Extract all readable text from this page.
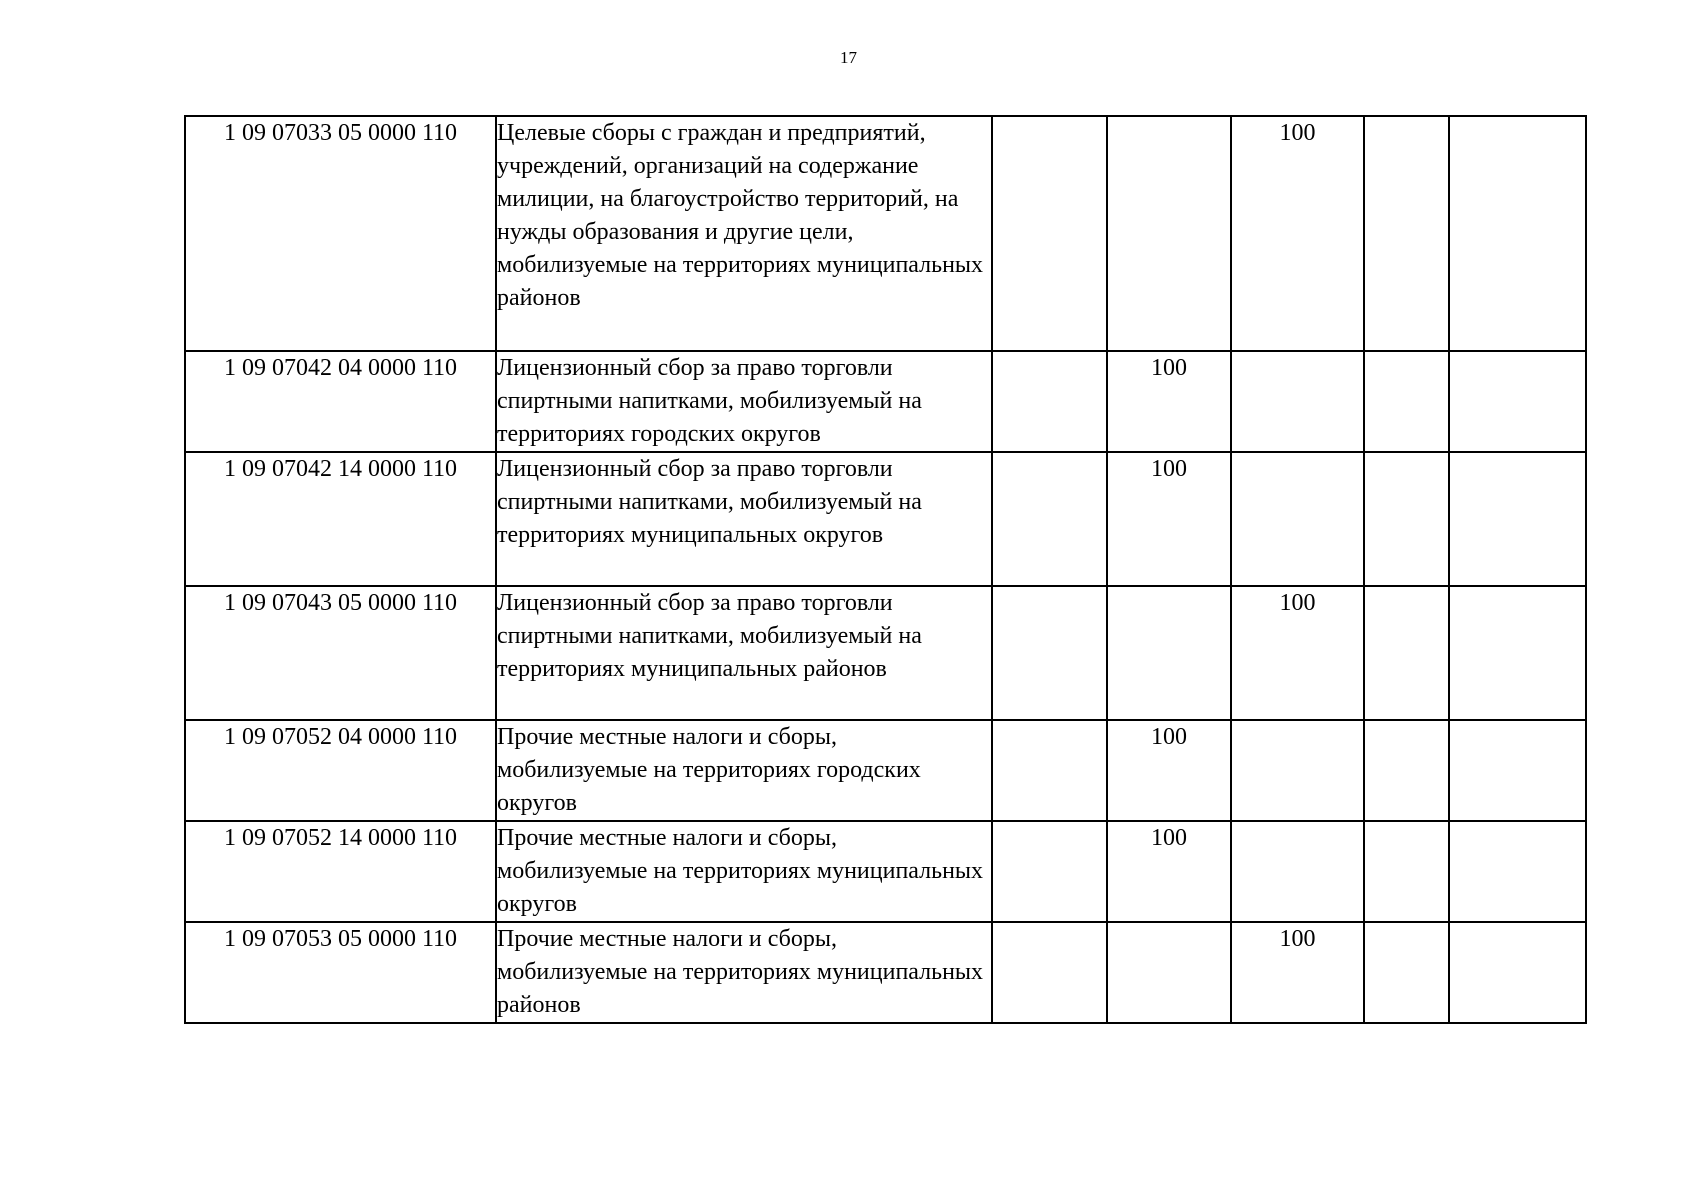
17
1 09 07033 05 0000 110	Целевые сборы с граждан и предприятий, учреждений, организаций на содержание милиции, на благоустройство территорий, на нужды образования и другие цели, мобилизуемые на территориях муниципальных районов			100		
1 09 07042 04 0000 110	Лицензионный сбор за право торговли спиртными напитками, мобилизуемый на территориях городских округов		100			
1 09 07042 14 0000 110	Лицензионный сбор за право торговли спиртными напитками, мобилизуемый на территориях муниципальных округов		100			
1 09 07043 05 0000 110	Лицензионный сбор за право торговли спиртными напитками, мобилизуемый на территориях муниципальных районов			100		
1 09 07052 04 0000 110	Прочие местные налоги и сборы, мобилизуемые на территориях городских округов		100			
1 09 07052 14 0000 110	Прочие местные налоги и сборы, мобилизуемые на территориях муниципальных округов		100			
1 09 07053 05 0000 110	Прочие местные налоги и сборы, мобилизуемые на территориях муниципальных районов			100		
